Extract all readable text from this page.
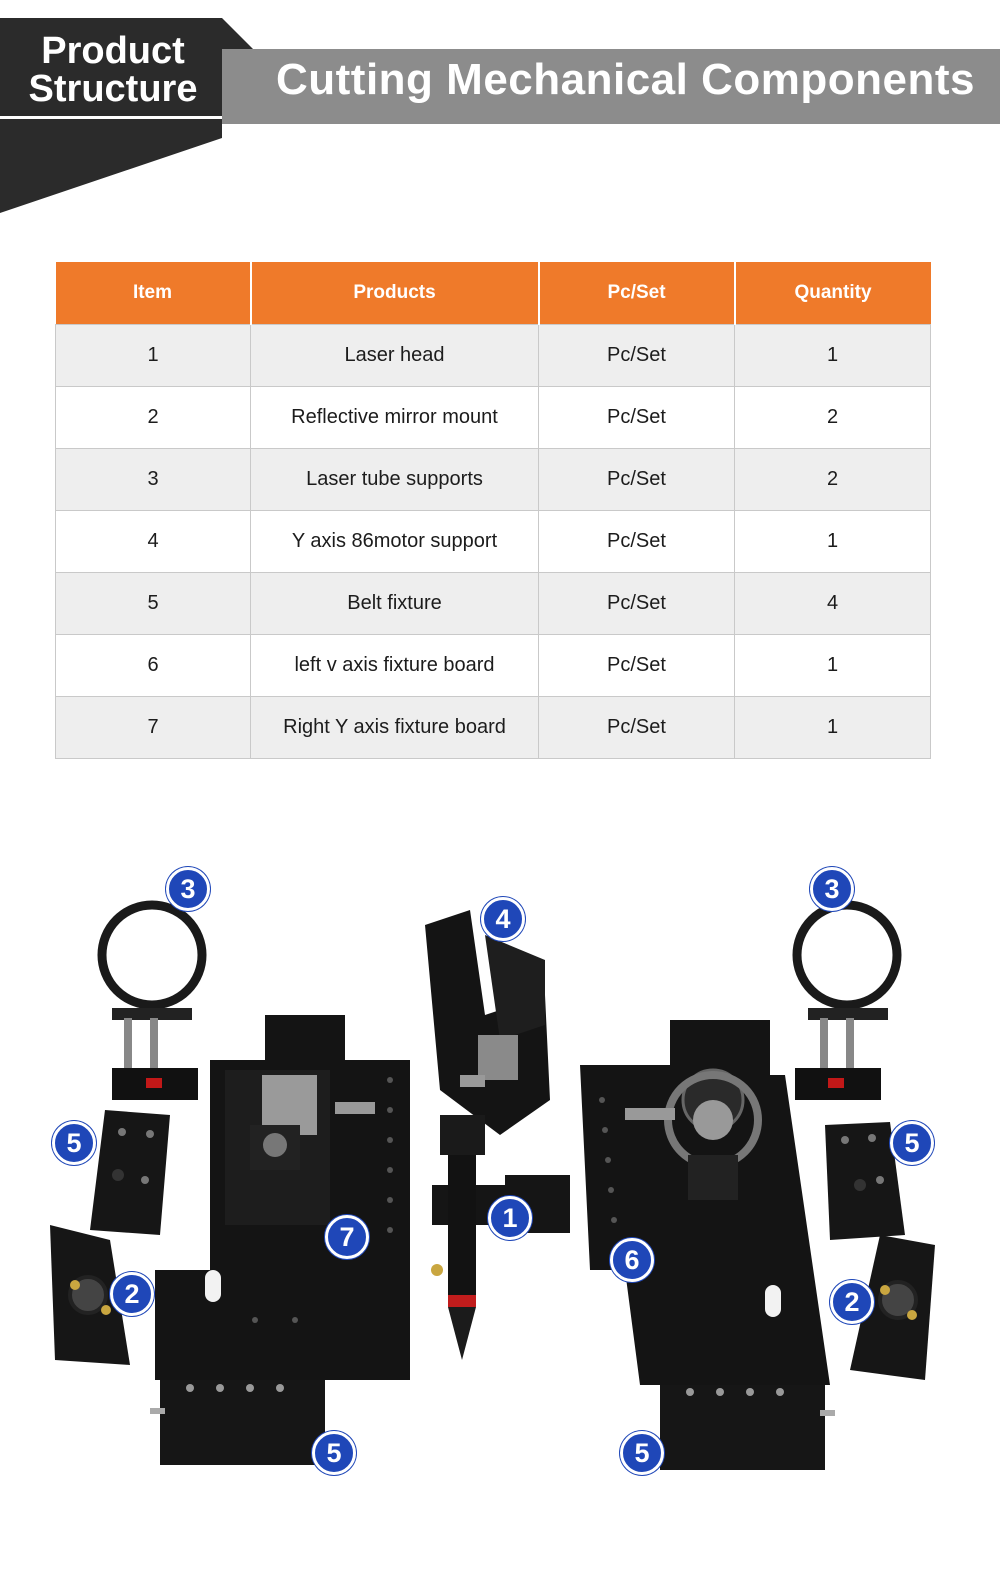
Product
Structure Cutting Mechanical Components
Item	Products	Pc/Set	Quantity
1	Laser head	Pc/Set	1
2	Reflective mirror mount	Pc/Set	2
3	Laser tube supports	Pc/Set	2
4	Y axis 86motor support	Pc/Set	1
5	Belt fixture	Pc/Set	4
6	left v axis fixture board	Pc/Set	1
7	Right Y axis fixture board	Pc/Set	1
3
4
3
5	5
1
7
6
2	2
5	5
